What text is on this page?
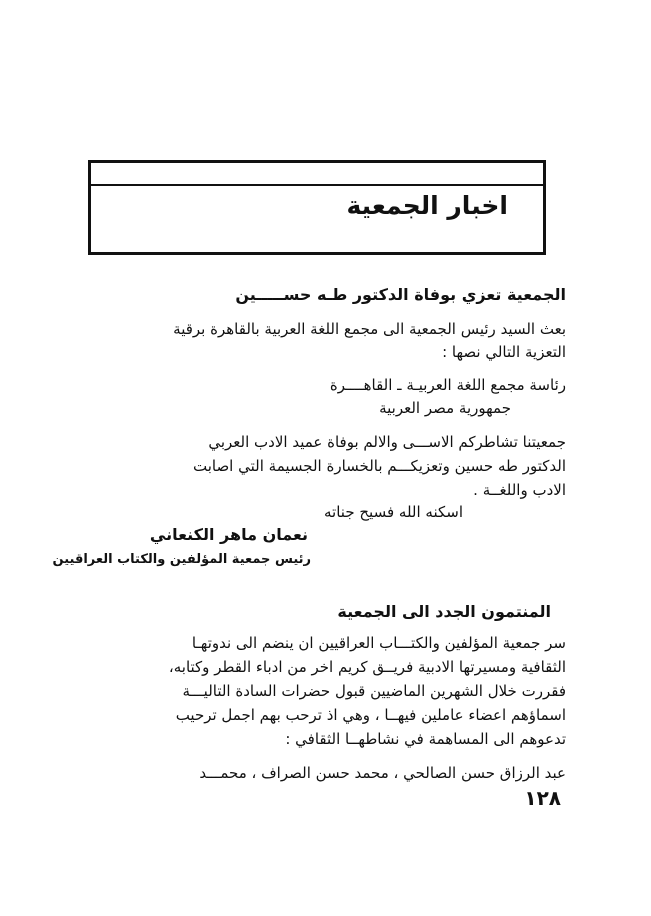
اخبار الجمعية
الجمعية تعزي بوفاة الدكتور طـه حســـــين
بعث السيد رئيس الجمعية الى مجمع اللغة العربية بالقاهرة برقية
التعزية التالي نصها :
رئاسة مجمع اللغة العربيـة ـ القاهــــرة
جمهورية مصر العربية
جمعيتنا تشاطركم الاســـى والالم بوفاة عميد الادب العربي
الدكتور طه حسين وتعزيكـــم بالخسارة الجسيمة التي اصابت
الادب واللغــة .
اسكنه الله فسيح جناته
نعمان ماهر الكنعاني
رئيس جمعية المؤلفين والكتاب العراقيين
المنتمون الجدد الى الجمعية
سر جمعية المؤلفين والكتـــاب العراقيين ان ينضم الى ندوتهـا
الثقافية ومسيرتها الادبية فريــق كريم اخر من ادباء القطر وكتابه،
فقررت خلال الشهرين الماضيين قبول حضرات السادة التاليـــة
اسماؤهم اعضاء عاملين فيهــا ، وهي اذ ترحب بهم اجمل ترحيب
تدعوهم الى المساهمة في نشاطهــا الثقافي :
عبد الرزاق حسن الصالحي ، محمد حسن الصراف ، محمـــد
١٢٨
